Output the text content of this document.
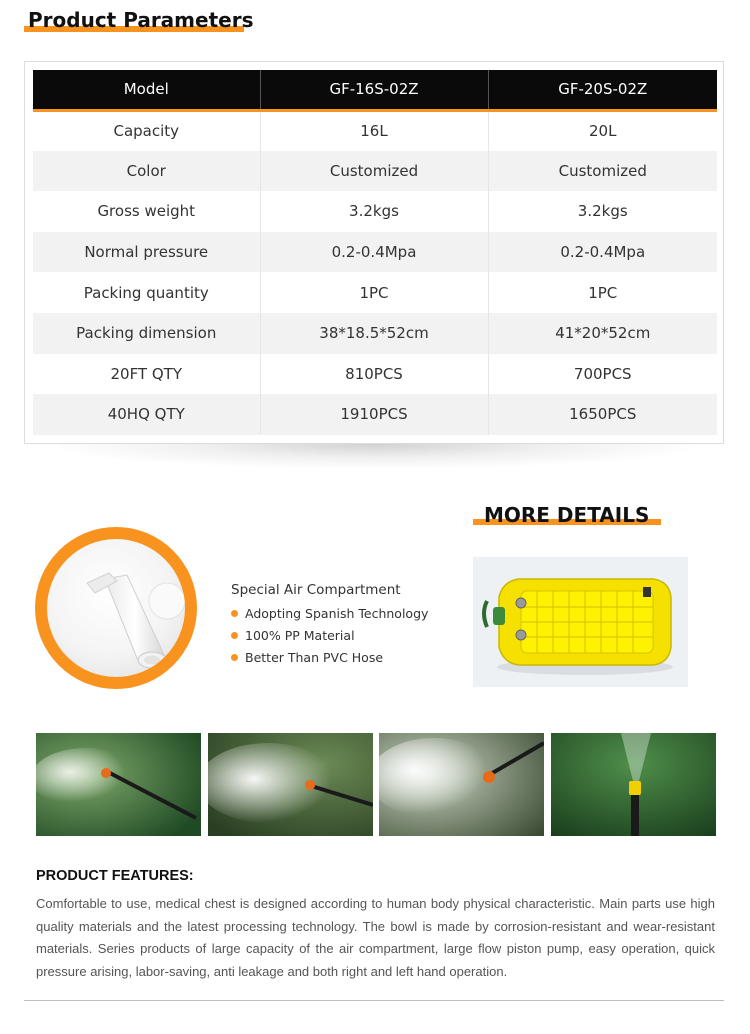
Product Parameters
Model	GF-16S-02Z	GF-20S-02Z
Capacity	16L	20L
Color	Customized	Customized
Gross weight	3.2kgs	3.2kgs
Normal pressure	0.2-0.4Mpa	0.2-0.4Mpa
Packing quantity	1PC	1PC
Packing dimension	38*18.5*52cm	41*20*52cm
20FT QTY	810PCS	700PCS
40HQ QTY	1910PCS	1650PCS
MORE DETAILS
Special Air Compartment
Adopting Spanish Technology
100% PP Material
Better Than PVC Hose
PRODUCT FEATURES:
Comfortable to use, medical chest is designed according to human body physical characteristic. Main parts use high quality materials and the latest processing technology. The bowl is made by corrosion-resistant and wear-resistant materials. Series products of large capacity of the air compartment, large flow piston pump, easy operation, quick pressure arising, labor-saving, anti leakage and both right and left hand operation.
